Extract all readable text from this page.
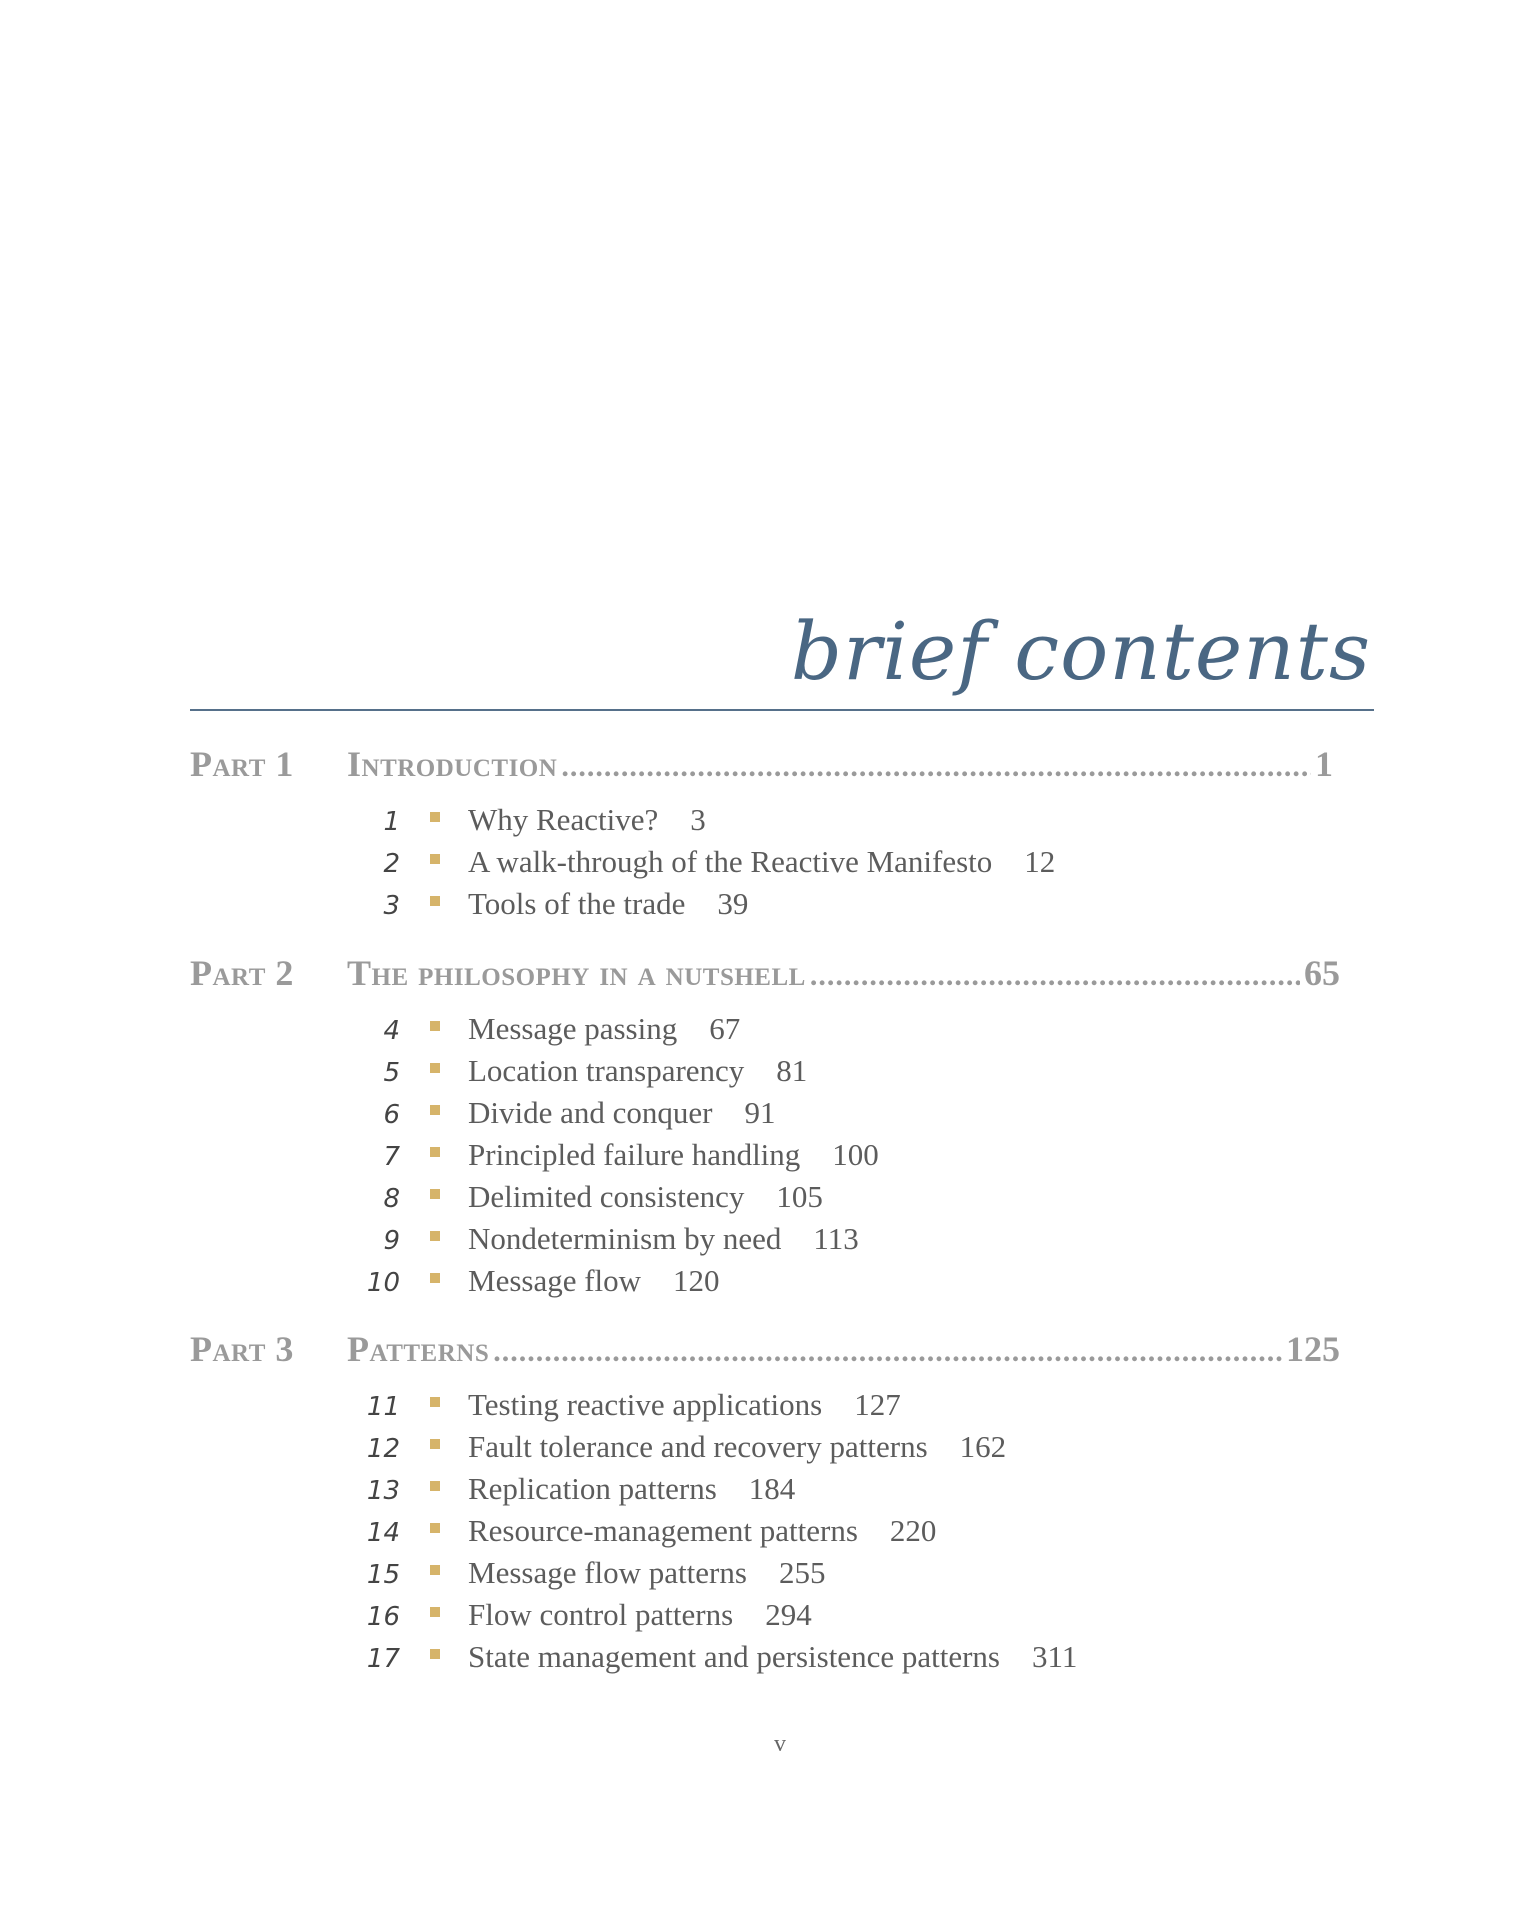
brief contents
Part 1	Introduction .....	1
1 Why Reactive? 3
2 A walk-through of the Reactive Manifesto 12
3 Tools of the trade 39
Part 2	The philosophy in a nutshell .....	65
4 Message passing 67
5 Location transparency 81
6 Divide and conquer 91
7 Principled failure handling 100
8 Delimited consistency 105
9 Nondeterminism by need 113
10 Message flow 120
Part 3	Patterns .....	125
11 Testing reactive applications 127
12 Fault tolerance and recovery patterns 162
13 Replication patterns 184
14 Resource-management patterns 220
15 Message flow patterns 255
16 Flow control patterns 294
17 State management and persistence patterns 311
v
